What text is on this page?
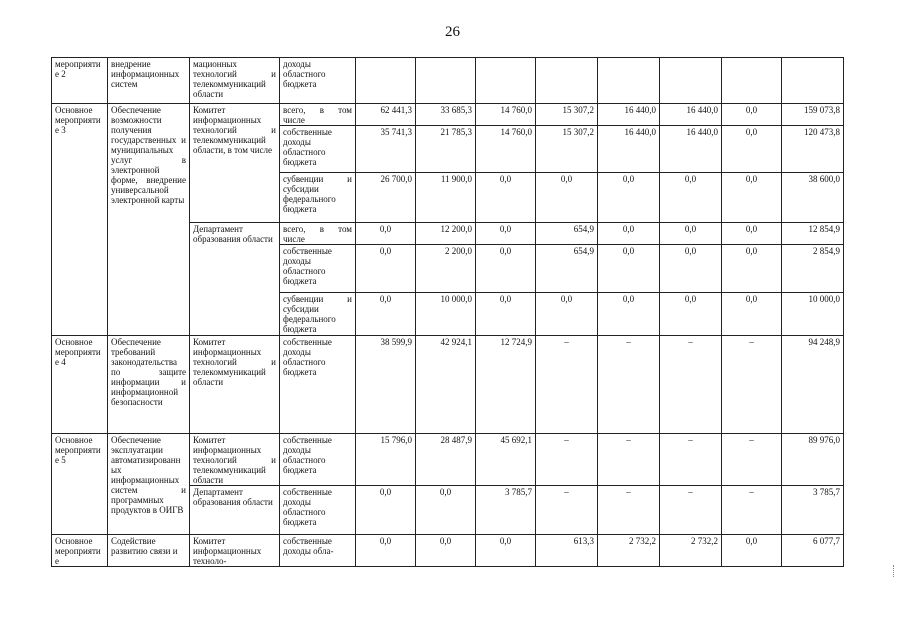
26
мероприятие 2	внедрение информационных систем	мационных технологий и телекоммуникаций области	доходы областного бюджета								
Основное мероприятие 3	Обеспечение возможности получения государственных и муниципальных услуг в электронной форме, внедрение универсальной электронной карты	Комитет информационных технологий и телекоммуникаций области, в том числе	всего, в том числе	62 441,3	33 685,3	14 760,0	15 307,2	16 440,0	16 440,0	0,0	159 073,8
			собственные доходы областного бюджета	35 741,3	21 785,3	14 760,0	15 307,2	16 440,0	16 440,0	0,0	120 473,8
			субвенции и субсидии федерального бюджета	26 700,0	11 900,0	0,0	0,0	0,0	0,0	0,0	38 600,0
		Департамент образования области	всего, в том числе	0,0	12 200,0	0,0	654,9	0,0	0,0	0,0	12 854,9
			собственные доходы областного бюджета	0,0	2 200,0	0,0	654,9	0,0	0,0	0,0	2 854,9
			субвенции и субсидии федерального бюджета	0,0	10 000,0	0,0	0,0	0,0	0,0	0,0	10 000,0
Основное мероприятие 4	Обеспечение требований законодательства по защите информации и информационной безопасности	Комитет информационных технологий и телекоммуникаций области	собственные доходы областного бюджета	38 599,9	42 924,1	12 724,9	–	–	–	–	94 248,9
Основное мероприятие 5	Обеспечение эксплуатации автоматизированных информационных систем и программных продуктов в ОИГВ	Комитет информационных технологий и телекоммуникаций области	собственные доходы областного бюджета	15 796,0	28 487,9	45 692,1	–	–	–	–	89 976,0
		Департамент образования области	собственные доходы областного бюджета	0,0	0,0	3 785,7	–	–	–	–	3 785,7
Основное мероприятие	Содействие развитию связи и	Комитет информационных техноло-	собственные доходы обла-	0,0	0,0	0,0	613,3	2 732,2	2 732,2	0,0	6 077,7
